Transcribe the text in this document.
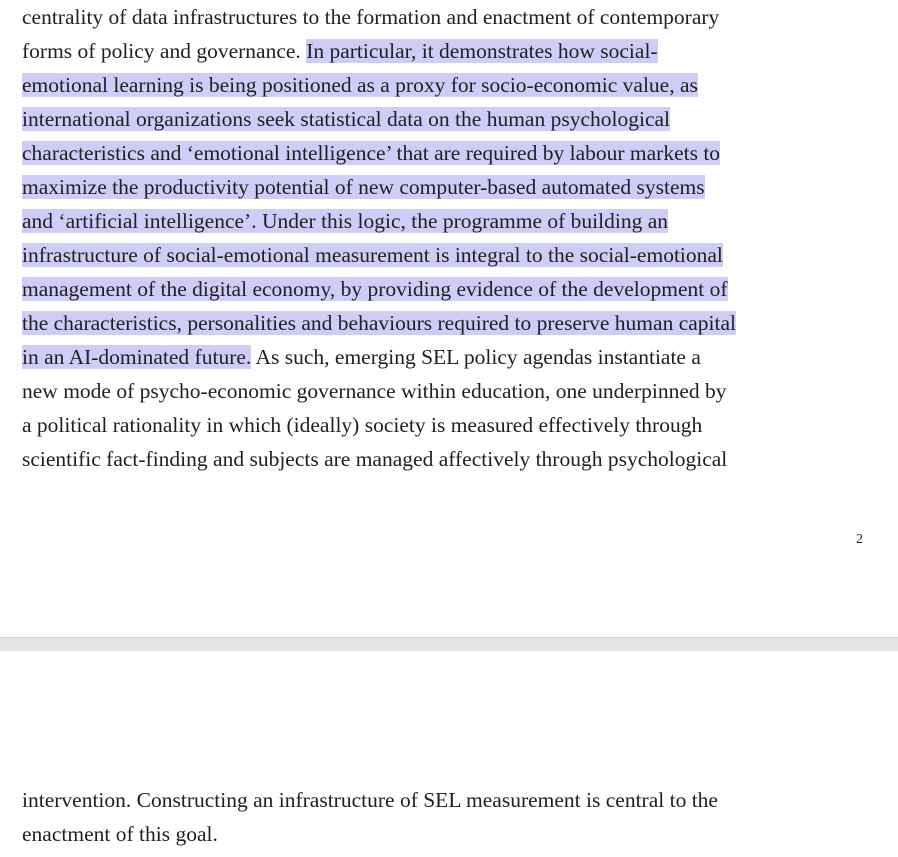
centrality of data infrastructures to the formation and enactment of contemporary
forms of policy and governance. In particular, it demonstrates how social-
emotional learning is being positioned as a proxy for socio-economic value, as
international organizations seek statistical data on the human psychological
characteristics and ‘emotional intelligence’ that are required by labour markets to
maximize the productivity potential of new computer-based automated systems
and ‘artificial intelligence’. Under this logic, the programme of building an
infrastructure of social-emotional measurement is integral to the social-emotional
management of the digital economy, by providing evidence of the development of
the characteristics, personalities and behaviours required to preserve human capital
in an AI-dominated future. As such, emerging SEL policy agendas instantiate a
new mode of psycho-economic governance within education, one underpinned by
a political rationality in which (ideally) society is measured effectively through
scientific fact-finding and subjects are managed affectively through psychological
2
intervention. Constructing an infrastructure of SEL measurement is central to the
enactment of this goal.
